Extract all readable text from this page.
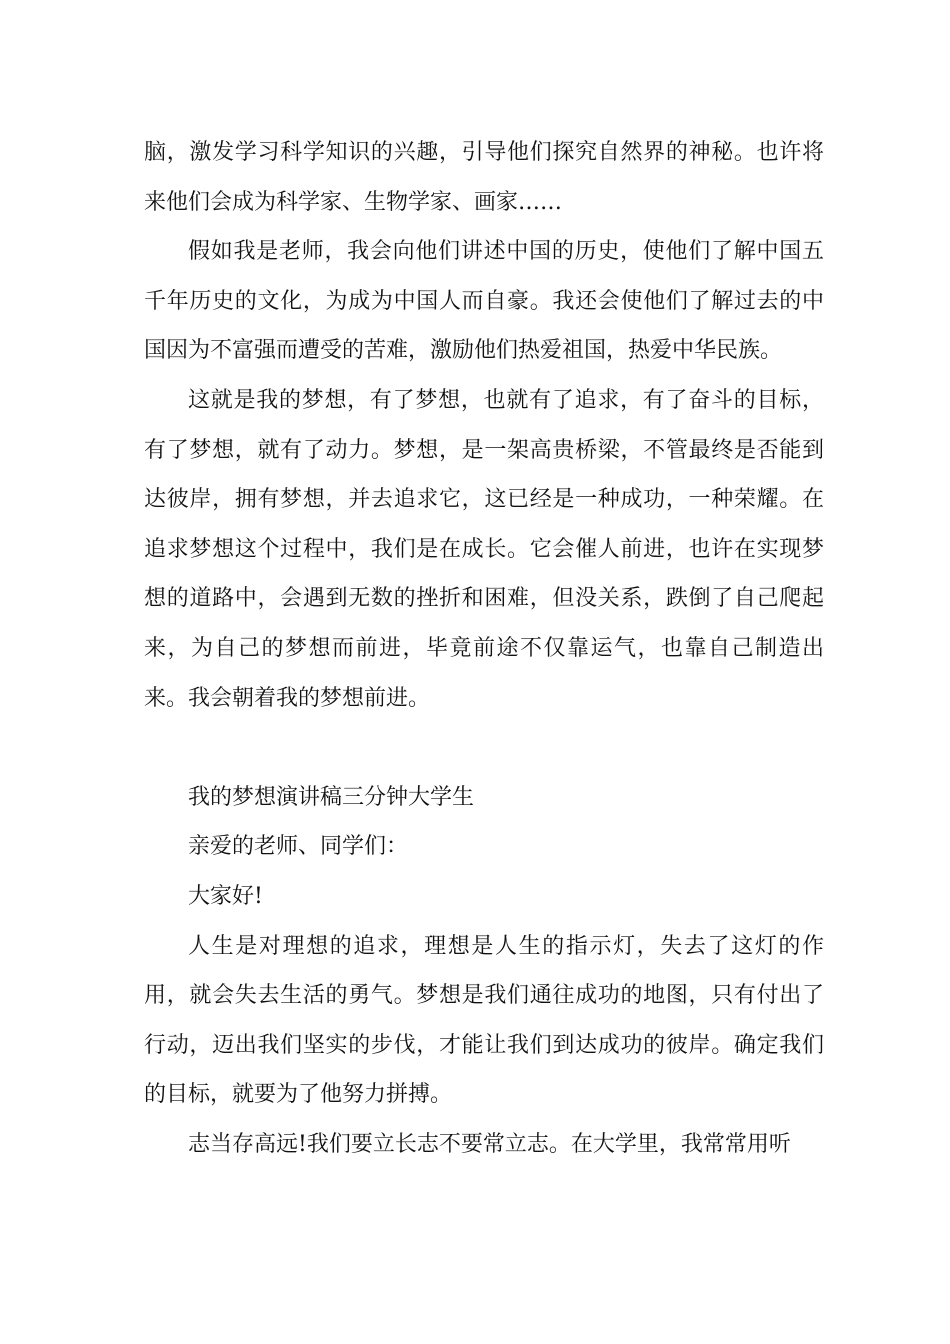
脑，激发学习科学知识的兴趣，引导他们探究自然界的神秘。也许将来他们会成为科学家、生物学家、画家……

假如我是老师，我会向他们讲述中国的历史，使他们了解中国五千年历史的文化，为成为中国人而自豪。我还会使他们了解过去的中国因为不富强而遭受的苦难，激励他们热爱祖国，热爱中华民族。

这就是我的梦想，有了梦想，也就有了追求，有了奋斗的目标，有了梦想，就有了动力。梦想，是一架高贵桥梁，不管最终是否能到达彼岸，拥有梦想，并去追求它，这已经是一种成功，一种荣耀。在追求梦想这个过程中，我们是在成长。它会催人前进，也许在实现梦想的道路中，会遇到无数的挫折和困难，但没关系，跌倒了自己爬起来，为自己的梦想而前进，毕竟前途不仅靠运气，也靠自己制造出来。我会朝着我的梦想前进。

我的梦想演讲稿三分钟大学生

亲爱的老师、同学们：

大家好!

人生是对理想的追求，理想是人生的指示灯，失去了这灯的作用，就会失去生活的勇气。梦想是我们通往成功的地图，只有付出了行动，迈出我们坚实的步伐，才能让我们到达成功的彼岸。确定我们的目标，就要为了他努力拼搏。

志当存高远!我们要立长志不要常立志。在大学里，我常常用听
